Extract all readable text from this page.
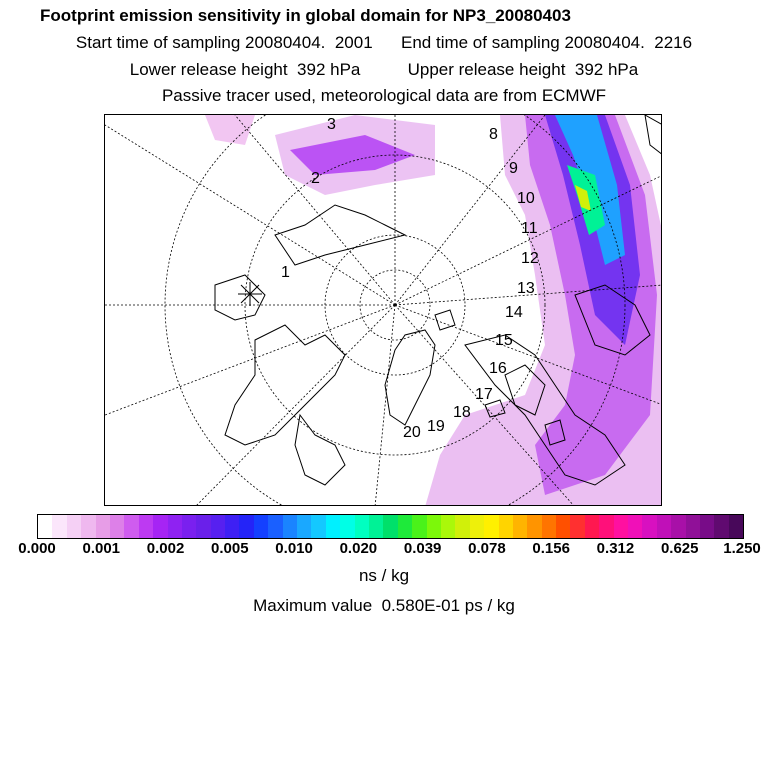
Footprint emission sensitivity in global domain for NP3_20080403
Start time of sampling 20080404.  2001 End time of sampling 20080404.  2216
Lower release height  392 hPa	Upper release height  392 hPa
Passive tracer used, meteorological data are from ECMWF
1
2
3
8
9
10
11
12
13
14
15
16
17
18
19
20
0.000 0.001 0.002 0.005 0.010 0.020 0.039 0.078 0.156 0.312 0.625 1.250
ns / kg
Maximum value  0.580E-01 ps / kg
